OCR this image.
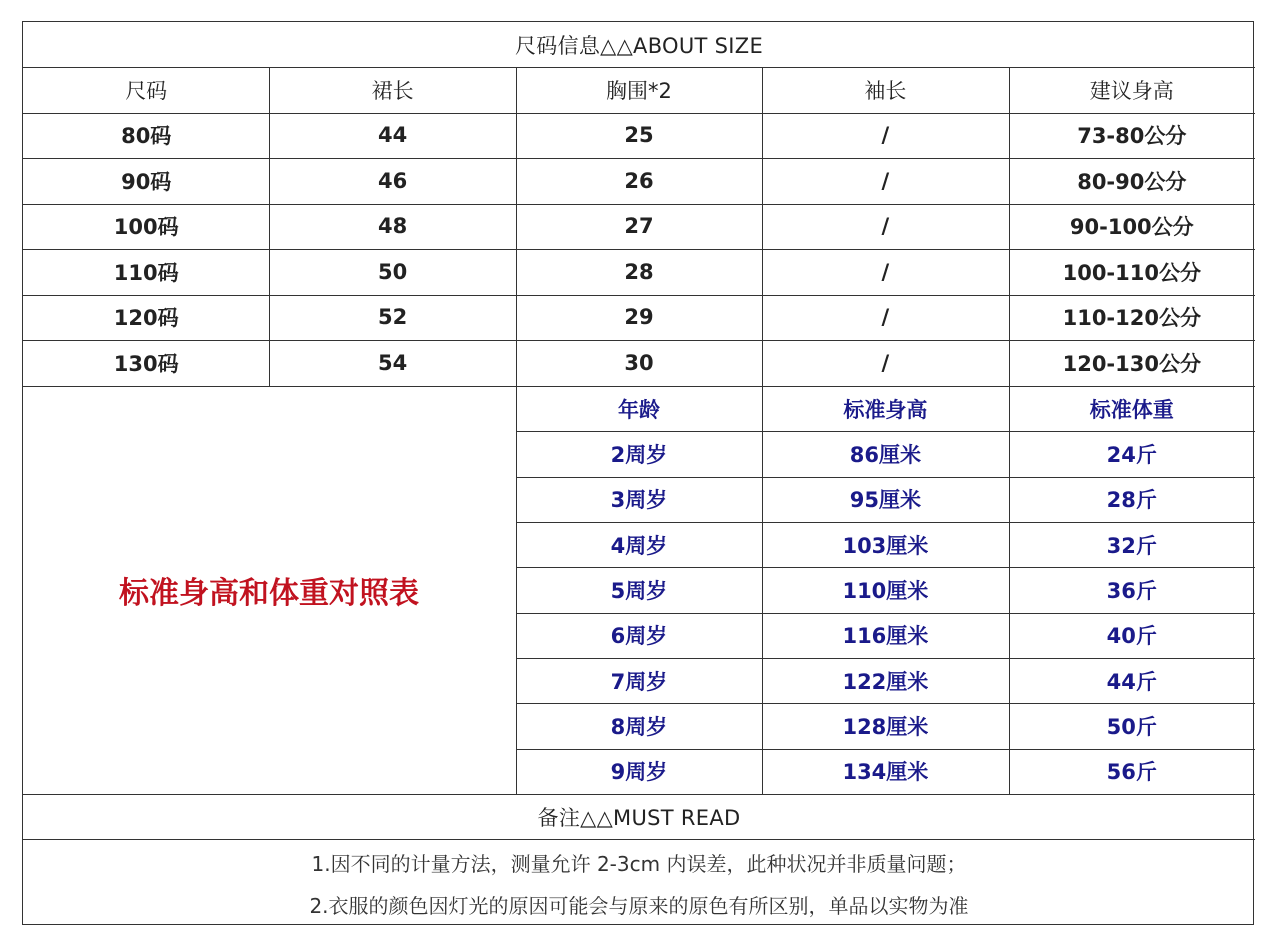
尺码信息△△ABOUT SIZE
尺码	裙长	胸围*2	袖长	建议身高
80码	44	25	/	73-80公分
90码	46	26	/	80-90公分
100码	48	27	/	90-100公分
110码	50	28	/	100-110公分
120码	52	29	/	110-120公分
130码	54	30	/	120-130公分
标准身高和体重对照表
年龄	标准身高	标准体重
2周岁	86厘米	24斤
3周岁	95厘米	28斤
4周岁	103厘米	32斤
5周岁	110厘米	36斤
6周岁	116厘米	40斤
7周岁	122厘米	44斤
8周岁	128厘米	50斤
9周岁	134厘米	56斤
备注△△MUST READ
1.因不同的计量方法，测量允许 2-3cm 内误差，此种状况并非质量问题；
2.衣服的颜色因灯光的原因可能会与原来的原色有所区别，单品以实物为准
